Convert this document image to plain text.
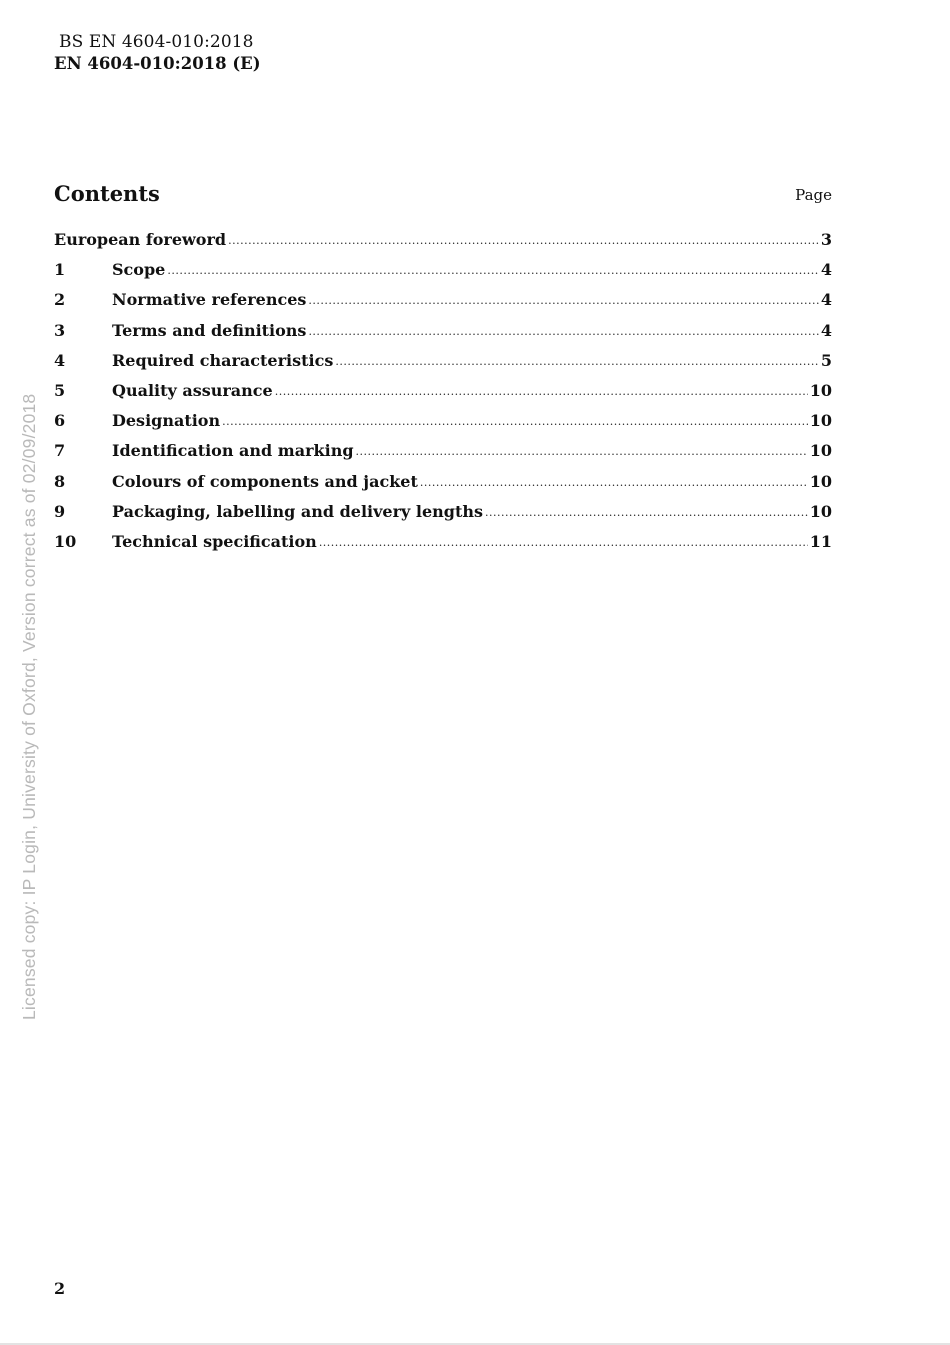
BS EN 4604-010:2018
EN 4604-010:2018 (E)
Contents	Page
European foreword .....	3
1	Scope .....	4
2	Normative references .....	4
3	Terms and definitions .....	4
4	Required characteristics .....	5
5	Quality assurance .....	10
6	Designation .....	10
7	Identification and marking .....	10
8	Colours of components and jacket .....	10
9	Packaging, labelling and delivery lengths .....	10
10	Technical specification .....	11
2
Licensed copy: IP Login, University of Oxford, Version correct as of 02/09/2018
